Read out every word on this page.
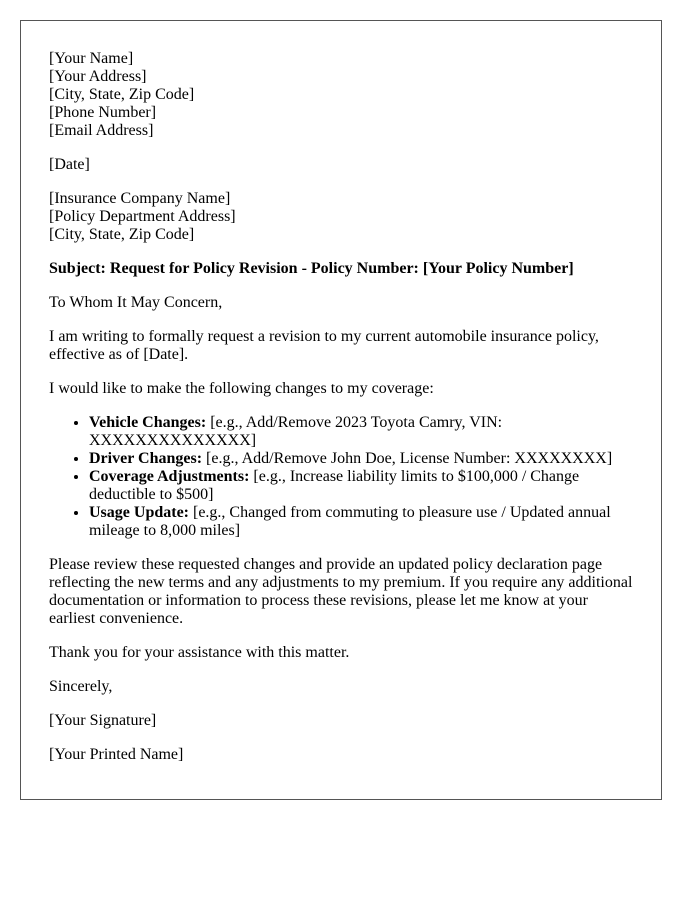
[Your Name]
[Your Address]
[City, State, Zip Code]
[Phone Number]
[Email Address]

[Date]

[Insurance Company Name]
[Policy Department Address]
[City, State, Zip Code]

Subject: Request for Policy Revision - Policy Number: [Your Policy Number]

To Whom It May Concern,

I am writing to formally request a revision to my current automobile insurance policy, effective as of [Date].

I would like to make the following changes to my coverage:

• Vehicle Changes: [e.g., Add/Remove 2023 Toyota Camry, VIN: XXXXXXXXXXXXXX]
• Driver Changes: [e.g., Add/Remove John Doe, License Number: XXXXXXXX]
• Coverage Adjustments: [e.g., Increase liability limits to $100,000 / Change deductible to $500]
• Usage Update: [e.g., Changed from commuting to pleasure use / Updated annual mileage to 8,000 miles]

Please review these requested changes and provide an updated policy declaration page reflecting the new terms and any adjustments to my premium. If you require any additional documentation or information to process these revisions, please let me know at your earliest convenience.

Thank you for your assistance with this matter.

Sincerely,

[Your Signature]

[Your Printed Name]
